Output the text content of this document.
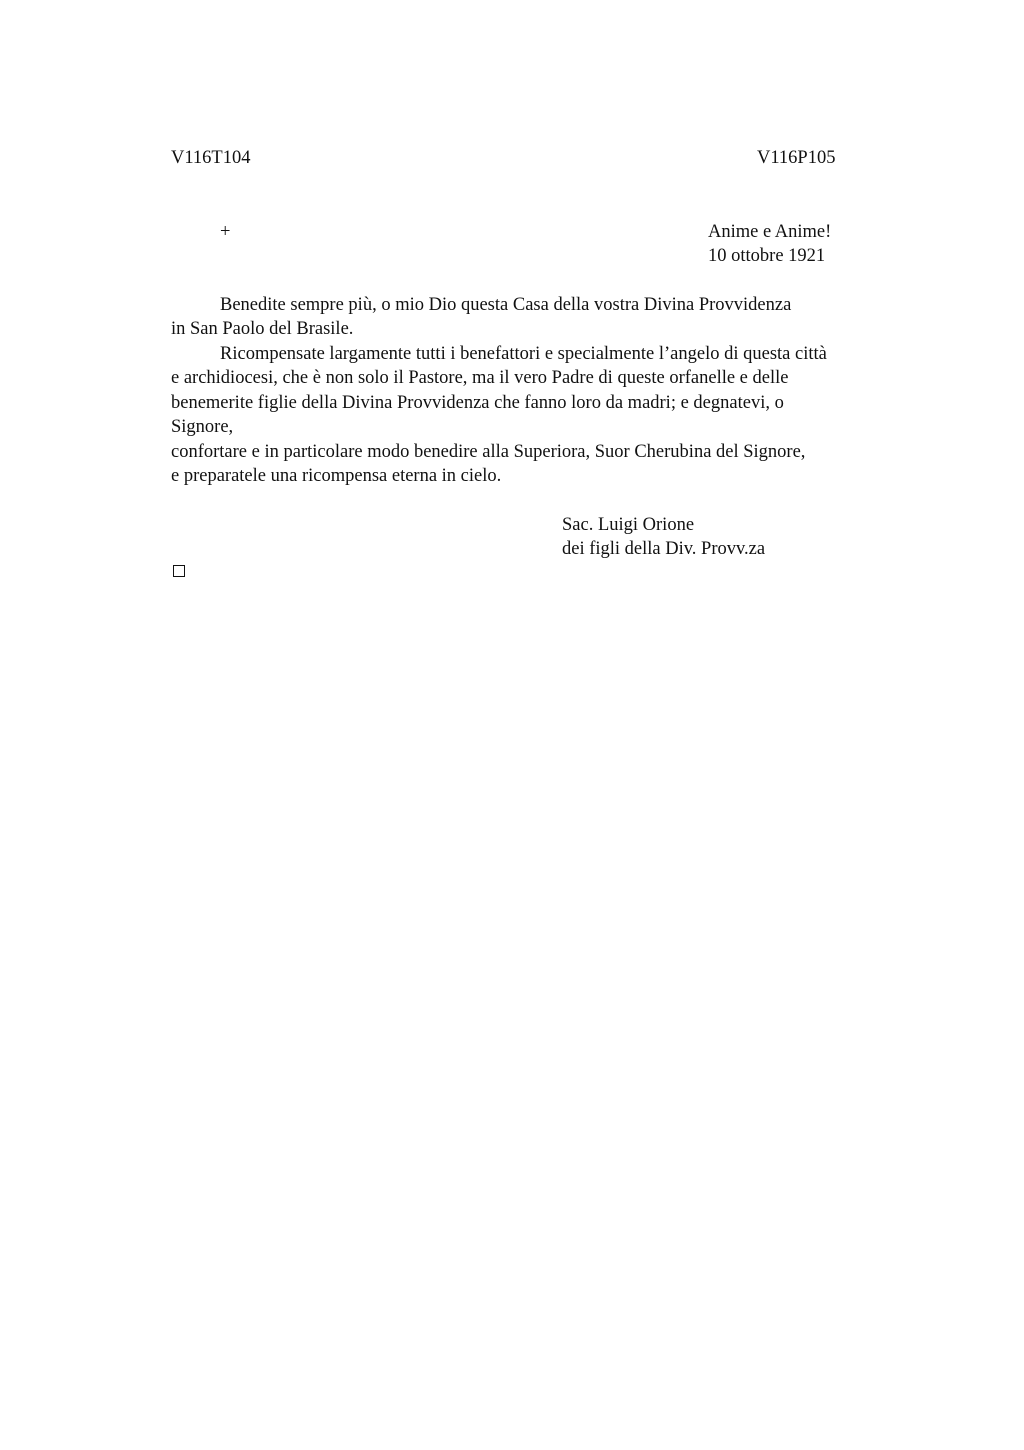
V116T104	V116P105
+	Anime e Anime!
10 ottobre 1921
Benedite sempre più, o mio Dio questa Casa della vostra Divina Provvidenza
in San Paolo del Brasile.
Ricompensate largamente tutti i benefattori e specialmente l’angelo di questa città
e archidiocesi, che è non solo il Pastore, ma il vero Padre di queste orfanelle e delle
benemerite figlie della Divina Provvidenza che fanno loro da madri; e degnatevi, o
Signore,
confortare e in particolare modo benedire alla Superiora, Suor Cherubina del Signore,
e preparatele una ricompensa eterna in cielo.
Sac. Luigi Orione
dei figli della Div. Provv.za
